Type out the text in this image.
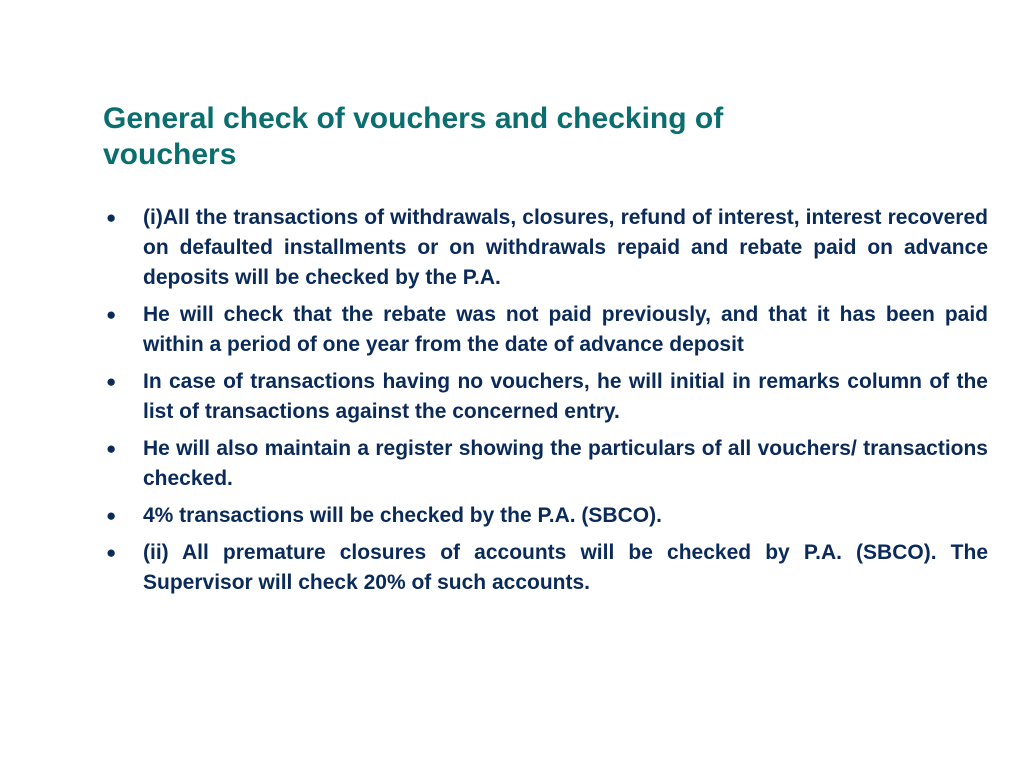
General check of vouchers and checking of vouchers
● (i)All the transactions of withdrawals, closures, refund of interest, interest recovered on defaulted installments or on withdrawals repaid and rebate paid on advance deposits will be checked by the P.A.
● He will check that the rebate was not paid previously, and that it has been paid within a period of one year from the date of advance deposit
● In case of transactions having no vouchers, he will initial in remarks column of the list of transactions against the concerned entry.
● He will also maintain a register showing the particulars of all vouchers/ transactions checked.
● 4% transactions will be checked by the P.A. (SBCO).
● (ii) All premature closures of accounts will be checked by P.A. (SBCO). The Supervisor will check 20% of such accounts.
